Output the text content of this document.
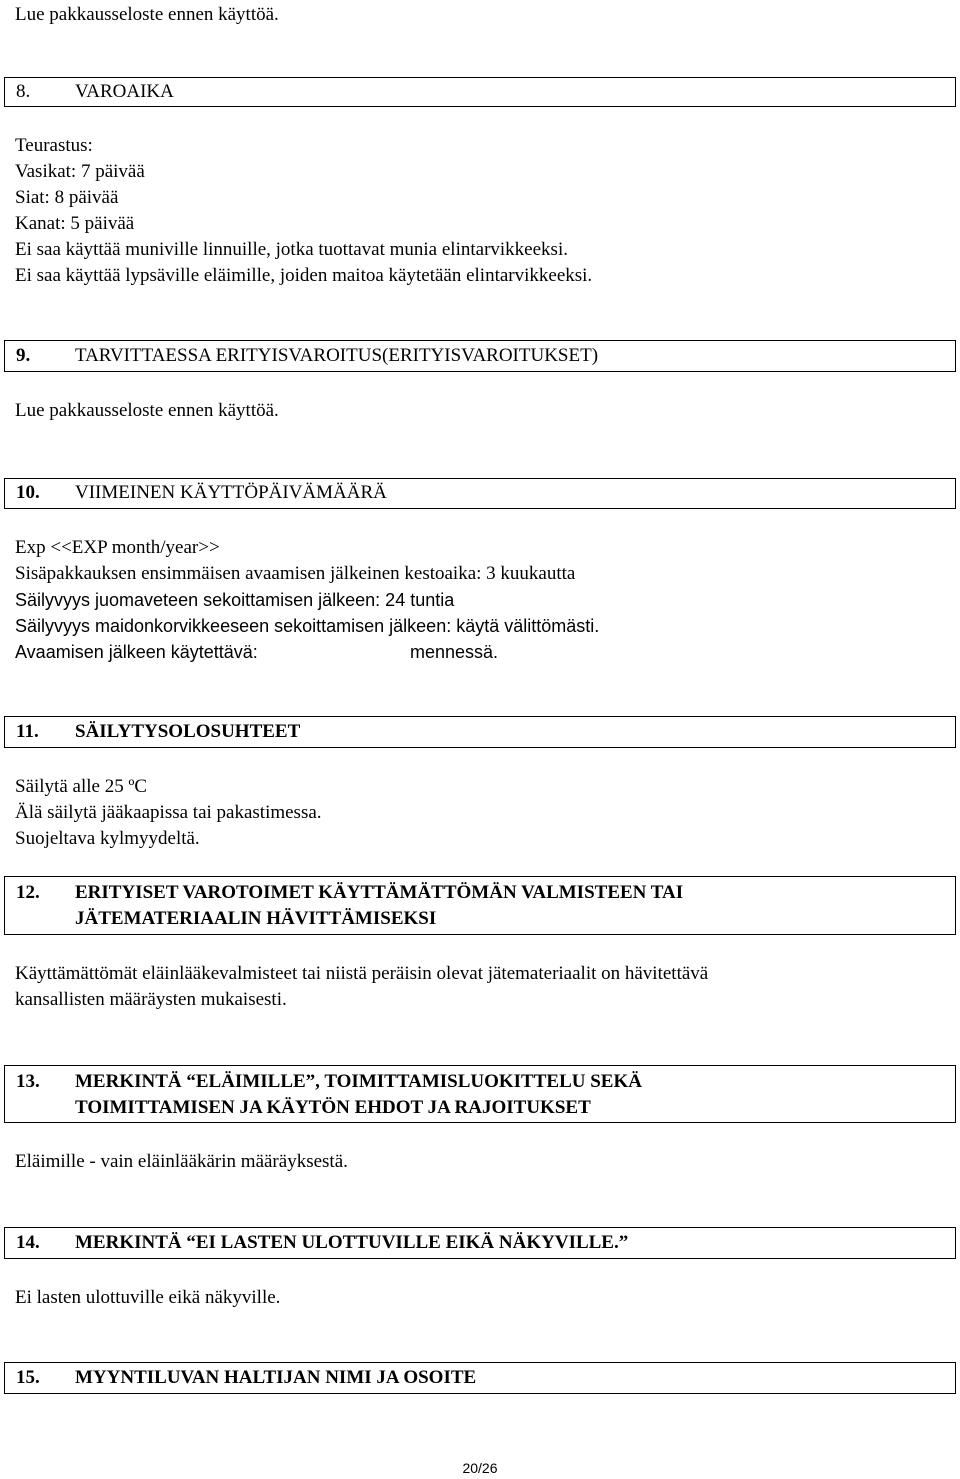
Lue pakkausseloste ennen käyttöä.
8. VAROAIKA
Teurastus:
Vasikat: 7 päivää
Siat: 8 päivää
Kanat: 5 päivää
Ei saa käyttää muniville linnuille, jotka tuottavat munia elintarvikkeeksi.
Ei saa käyttää lypsäville eläimille, joiden maitoa käytetään elintarvikkeeksi.
9. TARVITTAESSA ERITYISVAROITUS(ERITYISVAROITUKSET)
Lue pakkausseloste ennen käyttöä.
10. VIIMEINEN KÄYTTÖPÄIVÄMÄÄRÄ
Exp <<EXP month/year>>
Sisäpakkauksen ensimmäisen avaamisen jälkeinen kestoaika: 3 kuukautta
Säilyvyys juomaveteen sekoittamisen jälkeen: 24 tuntia
Säilyvyys maidonkorvikkeeseen sekoittamisen jälkeen: käytä välittömästi.
Avaamisen jälkeen käytettävä:	mennessä.
11. SÄILYTYSOLOSUHTEET
Säilytä alle 25 ºC
Älä säilytä jääkaapissa tai pakastimessa.
Suojeltava kylmyydeltä.
12. ERITYISET VAROTOIMET KÄYTTÄMÄTTÖMÄN VALMISTEEN TAI
JÄTEMATERIAALIN HÄVITTÄMISEKSI
Käyttämättömät eläinlääkevalmisteet tai niistä peräisin olevat jätemateriaalit on hävitettävä
kansallisten määräysten mukaisesti.
13. MERKINTÄ “ELÄIMILLE”, TOIMITTAMISLUOKITTELU SEKÄ
TOIMITTAMISEN JA KÄYTÖN EHDOT JA RAJOITUKSET
Eläimille - vain eläinlääkärin määräyksestä.
14. MERKINTÄ “EI LASTEN ULOTTUVILLE EIKÄ NÄKYVILLE.”
Ei lasten ulottuville eikä näkyville.
15. MYYNTILUVAN HALTIJAN NIMI JA OSOITE
20/26
